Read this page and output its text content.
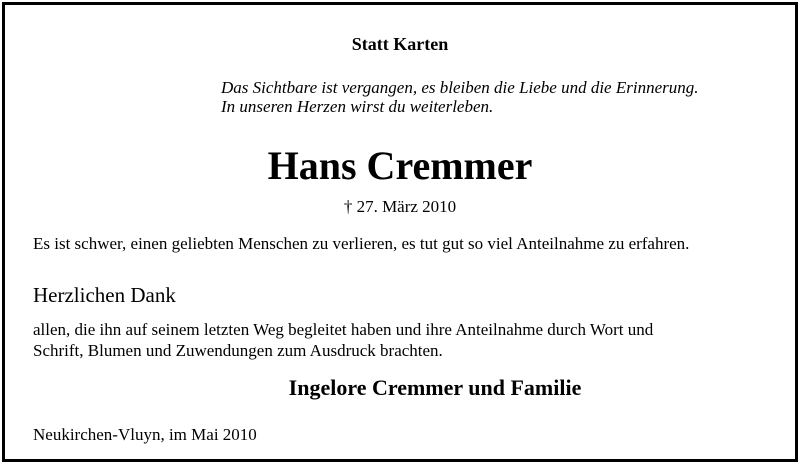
Statt Karten
Das Sichtbare ist vergangen, es bleiben die Liebe und die Erinnerung.
In unseren Herzen wirst du weiterleben.
Hans Cremmer
† 27. März 2010
Es ist schwer, einen geliebten Menschen zu verlieren, es tut gut so viel Anteilnahme zu erfahren.
Herzlichen Dank
allen, die ihn auf seinem letzten Weg begleitet haben und ihre Anteilnahme durch Wort und
Schrift, Blumen und Zuwendungen zum Ausdruck brachten.
Ingelore Cremmer und Familie
Neukirchen-Vluyn, im Mai 2010
